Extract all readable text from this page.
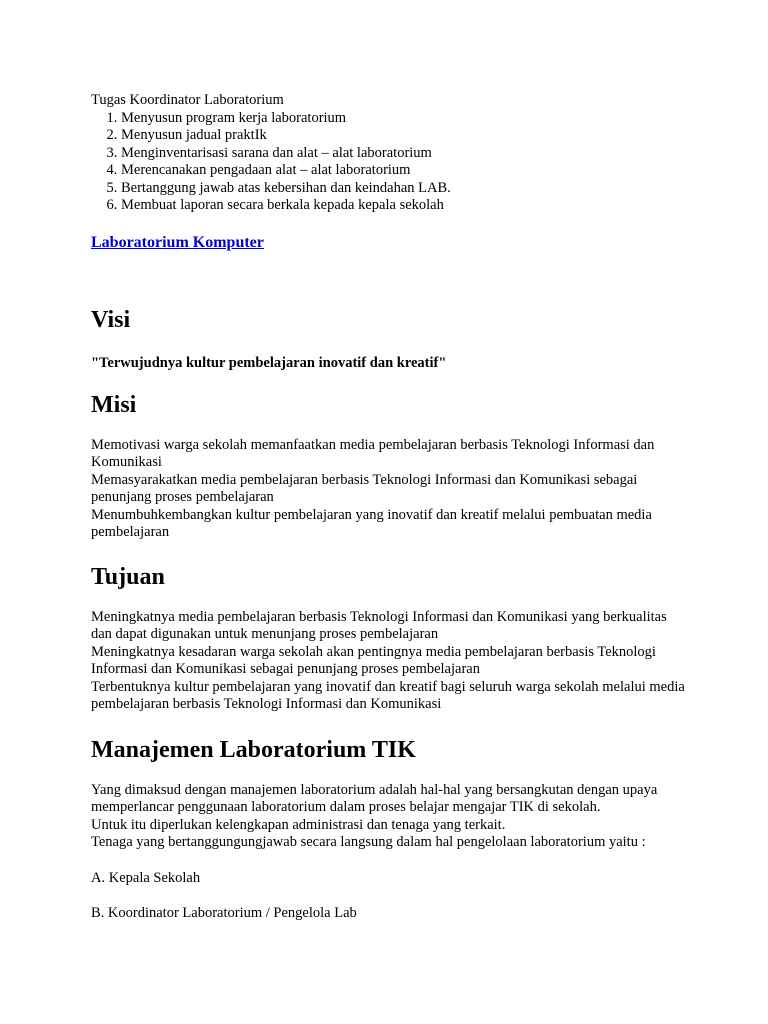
Tugas Koordinator Laboratorium
1. Menyusun program kerja laboratorium
2. Menyusun jadual praktIk
3. Menginventarisasi sarana dan alat – alat laboratorium
4. Merencanakan pengadaan alat – alat laboratorium
5. Bertanggung jawab atas kebersihan dan keindahan LAB.
6. Membuat laporan secara berkala kepada kepala sekolah
Laboratorium Komputer
Visi
"Terwujudnya kultur pembelajaran inovatif dan kreatif"
Misi

Memotivasi warga sekolah memanfaatkan media pembelajaran berbasis Teknologi Informasi dan Komunikasi

Memasyarakatkan media pembelajaran berbasis Teknologi Informasi dan Komunikasi sebagai penunjang proses pembelajaran

Menumbuhkembangkan kultur pembelajaran yang inovatif dan kreatif melalui pembuatan media pembelajaran

Tujuan

Meningkatnya media pembelajaran berbasis Teknologi Informasi dan Komunikasi yang berkualitas dan dapat digunakan untuk menunjang proses pembelajaran

Meningkatnya kesadaran warga sekolah akan pentingnya media pembelajaran berbasis Teknologi Informasi dan Komunikasi sebagai penunjang proses pembelajaran

Terbentuknya kultur pembelajaran yang inovatif dan kreatif bagi seluruh warga sekolah melalui media pembelajaran berbasis Teknologi Informasi dan Komunikasi

Manajemen Laboratorium TIK

Yang dimaksud dengan manajemen laboratorium adalah hal-hal yang bersangkutan dengan upaya memperlancar penggunaan laboratorium dalam proses belajar mengajar TIK di sekolah.

Untuk itu diperlukan kelengkapan administrasi dan tenaga yang terkait.

Tenaga yang bertanggungungjawab secara langsung dalam hal pengelolaan laboratorium yaitu :

A. Kepala Sekolah
B. Koordinator Laboratorium / Pengelola Lab
